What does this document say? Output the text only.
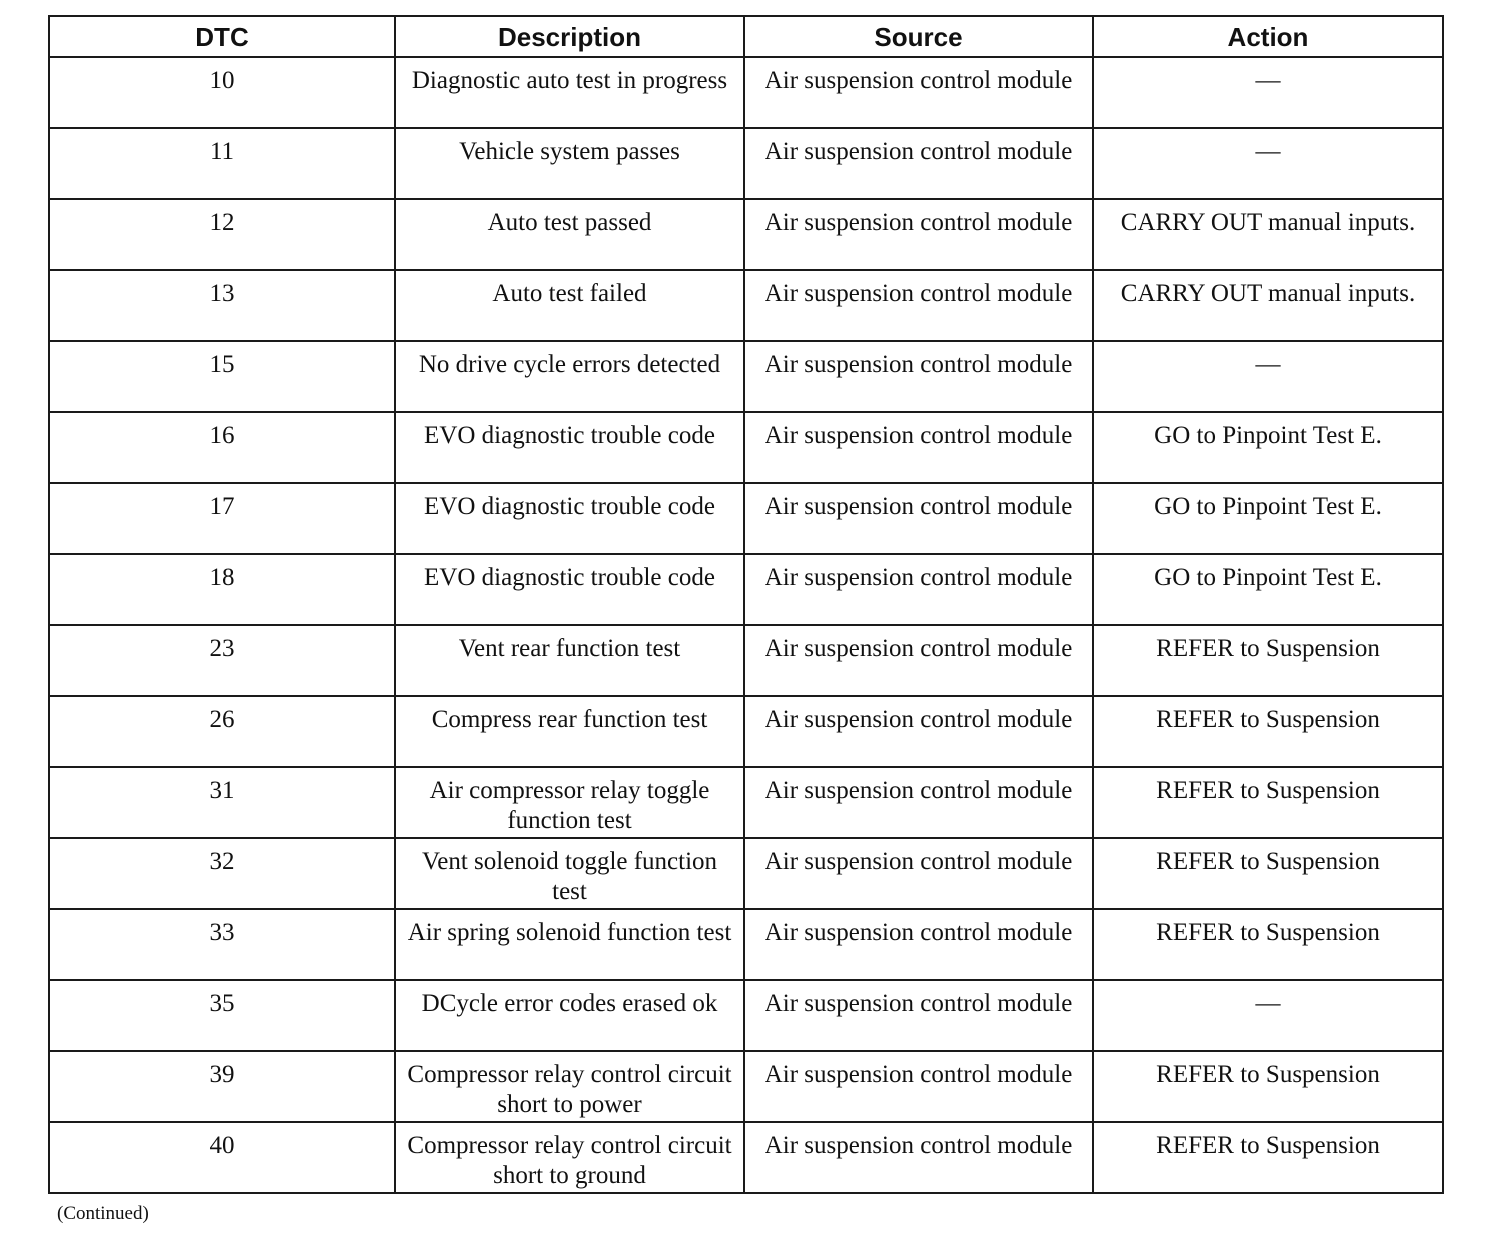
DTC	Description	Source	Action
10	Diagnostic auto test in progress	Air suspension control module	—
11	Vehicle system passes	Air suspension control module	—
12	Auto test passed	Air suspension control module	CARRY OUT manual inputs.
13	Auto test failed	Air suspension control module	CARRY OUT manual inputs.
15	No drive cycle errors detected	Air suspension control module	—
16	EVO diagnostic trouble code	Air suspension control module	GO to Pinpoint Test E.
17	EVO diagnostic trouble code	Air suspension control module	GO to Pinpoint Test E.
18	EVO diagnostic trouble code	Air suspension control module	GO to Pinpoint Test E.
23	Vent rear function test	Air suspension control module	REFER to Suspension
26	Compress rear function test	Air suspension control module	REFER to Suspension
31	Air compressor relay toggle function test	Air suspension control module	REFER to Suspension
32	Vent solenoid toggle function test	Air suspension control module	REFER to Suspension
33	Air spring solenoid function test	Air suspension control module	REFER to Suspension
35	DCycle error codes erased ok	Air suspension control module	—
39	Compressor relay control circuit short to power	Air suspension control module	REFER to Suspension
40	Compressor relay control circuit short to ground	Air suspension control module	REFER to Suspension
(Continued)
